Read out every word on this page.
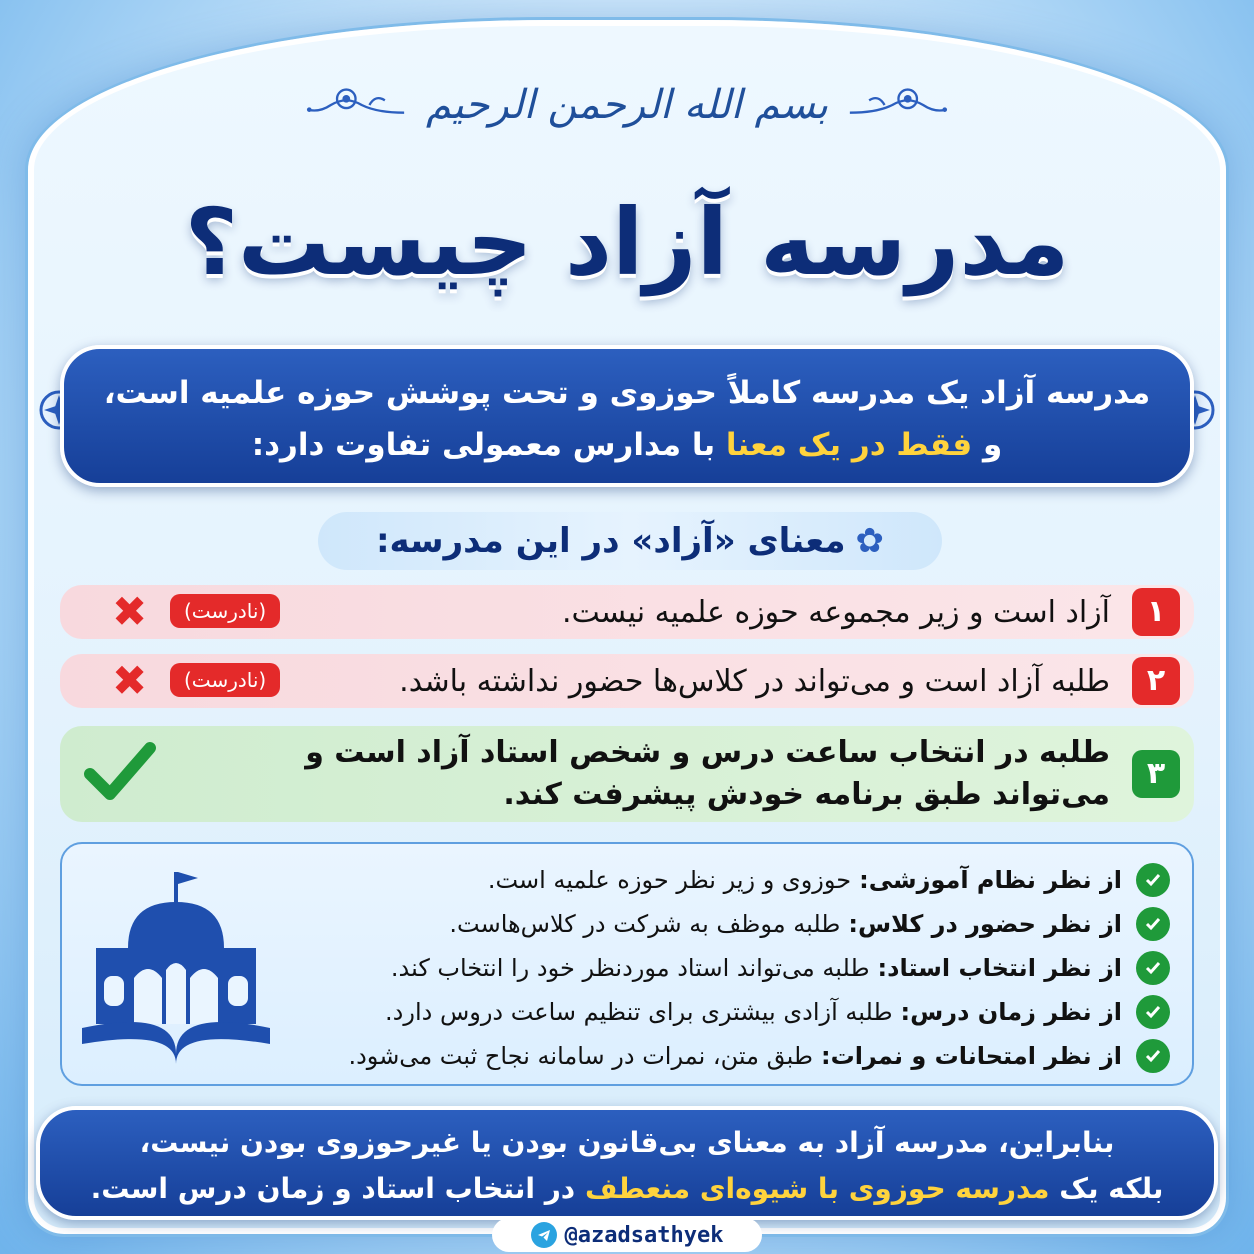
بسم الله الرحمن الرحيم
مدرسه آزاد چیست؟
مدرسه آزاد یک مدرسه کاملاً حوزوی و تحت پوشش حوزه علمیه است،
و فقط در یک معنا با مدارس معمولی تفاوت دارد:
✿معنای «آزاد» در این مدرسه:
۱
آزاد است و زیر مجموعه حوزه علمیه نیست.
(نادرست)
✖
۲
طلبه آزاد است و می‌تواند در کلاس‌ها حضور نداشته باشد.
(نادرست)
✖
۳
طلبه در انتخاب ساعت درس و شخص استاد آزاد است و می‌تواند طبق برنامه خودش پیشرفت کند.
از نظر نظام آموزشی:
حوزوی و زیر نظر حوزه علمیه است.
از نظر حضور در کلاس:
طلبه موظف به شرکت در کلاس‌هاست.
از نظر انتخاب استاد:
طلبه می‌تواند استاد موردنظر خود را انتخاب کند.
از نظر زمان درس:
طلبه آزادی بیشتری برای تنظیم ساعت دروس دارد.
از نظر امتحانات و نمرات:
طبق متن، نمرات در سامانه نجاح ثبت می‌شود.
بنابراین، مدرسه آزاد به معنای بی‌قانون بودن یا غیرحوزوی بودن نیست،
بلکه یک مدرسه حوزوی با شیوه‌ای منعطف در انتخاب استاد و زمان درس است.
@azadsathyek
